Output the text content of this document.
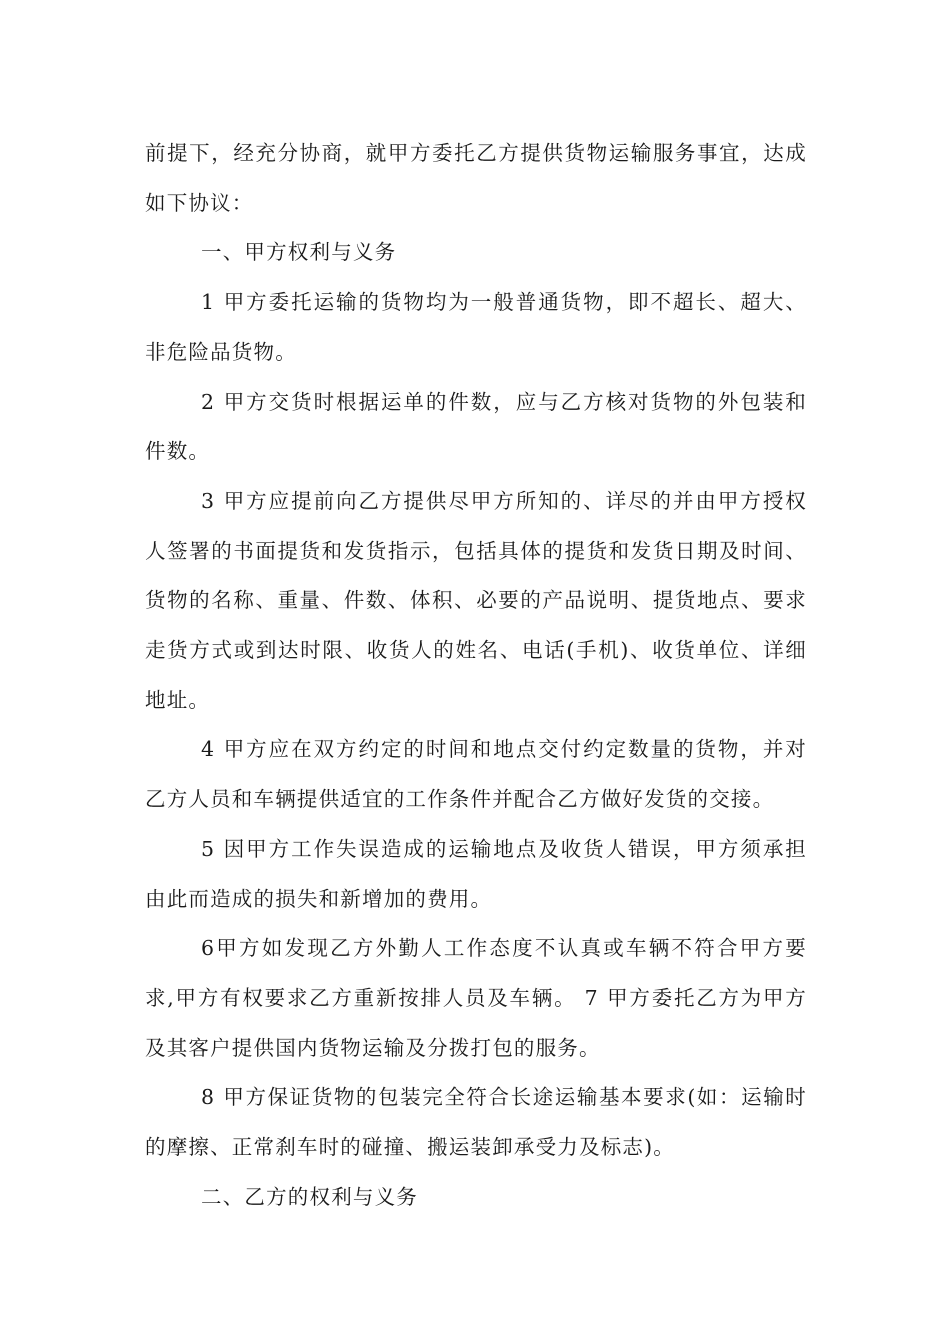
前提下，经充分协商，就甲方委托乙方提供货物运输服务事宜，达成如下协议：

一、甲方权利与义务

1 甲方委托运输的货物均为一般普通货物，即不超长、超大、非危险品货物。

2 甲方交货时根据运单的件数，应与乙方核对货物的外包装和件数。

3 甲方应提前向乙方提供尽甲方所知的、详尽的并由甲方授权人签署的书面提货和发货指示，包括具体的提货和发货日期及时间、货物的名称、重量、件数、体积、必要的产品说明、提货地点、要求走货方式或到达时限、收货人的姓名、电话(手机)、收货单位、详细地址。

4 甲方应在双方约定的时间和地点交付约定数量的货物，并对乙方人员和车辆提供适宜的工作条件并配合乙方做好发货的交接。

5 因甲方工作失误造成的运输地点及收货人错误，甲方须承担由此而造成的损失和新增加的费用。

6甲方如发现乙方外勤人工作态度不认真或车辆不符合甲方要求,甲方有权要求乙方重新按排人员及车辆。 7 甲方委托乙方为甲方及其客户提供国内货物运输及分拨打包的服务。

8 甲方保证货物的包装完全符合长途运输基本要求(如：运输时的摩擦、正常刹车时的碰撞、搬运装卸承受力及标志)。

二、乙方的权利与义务
